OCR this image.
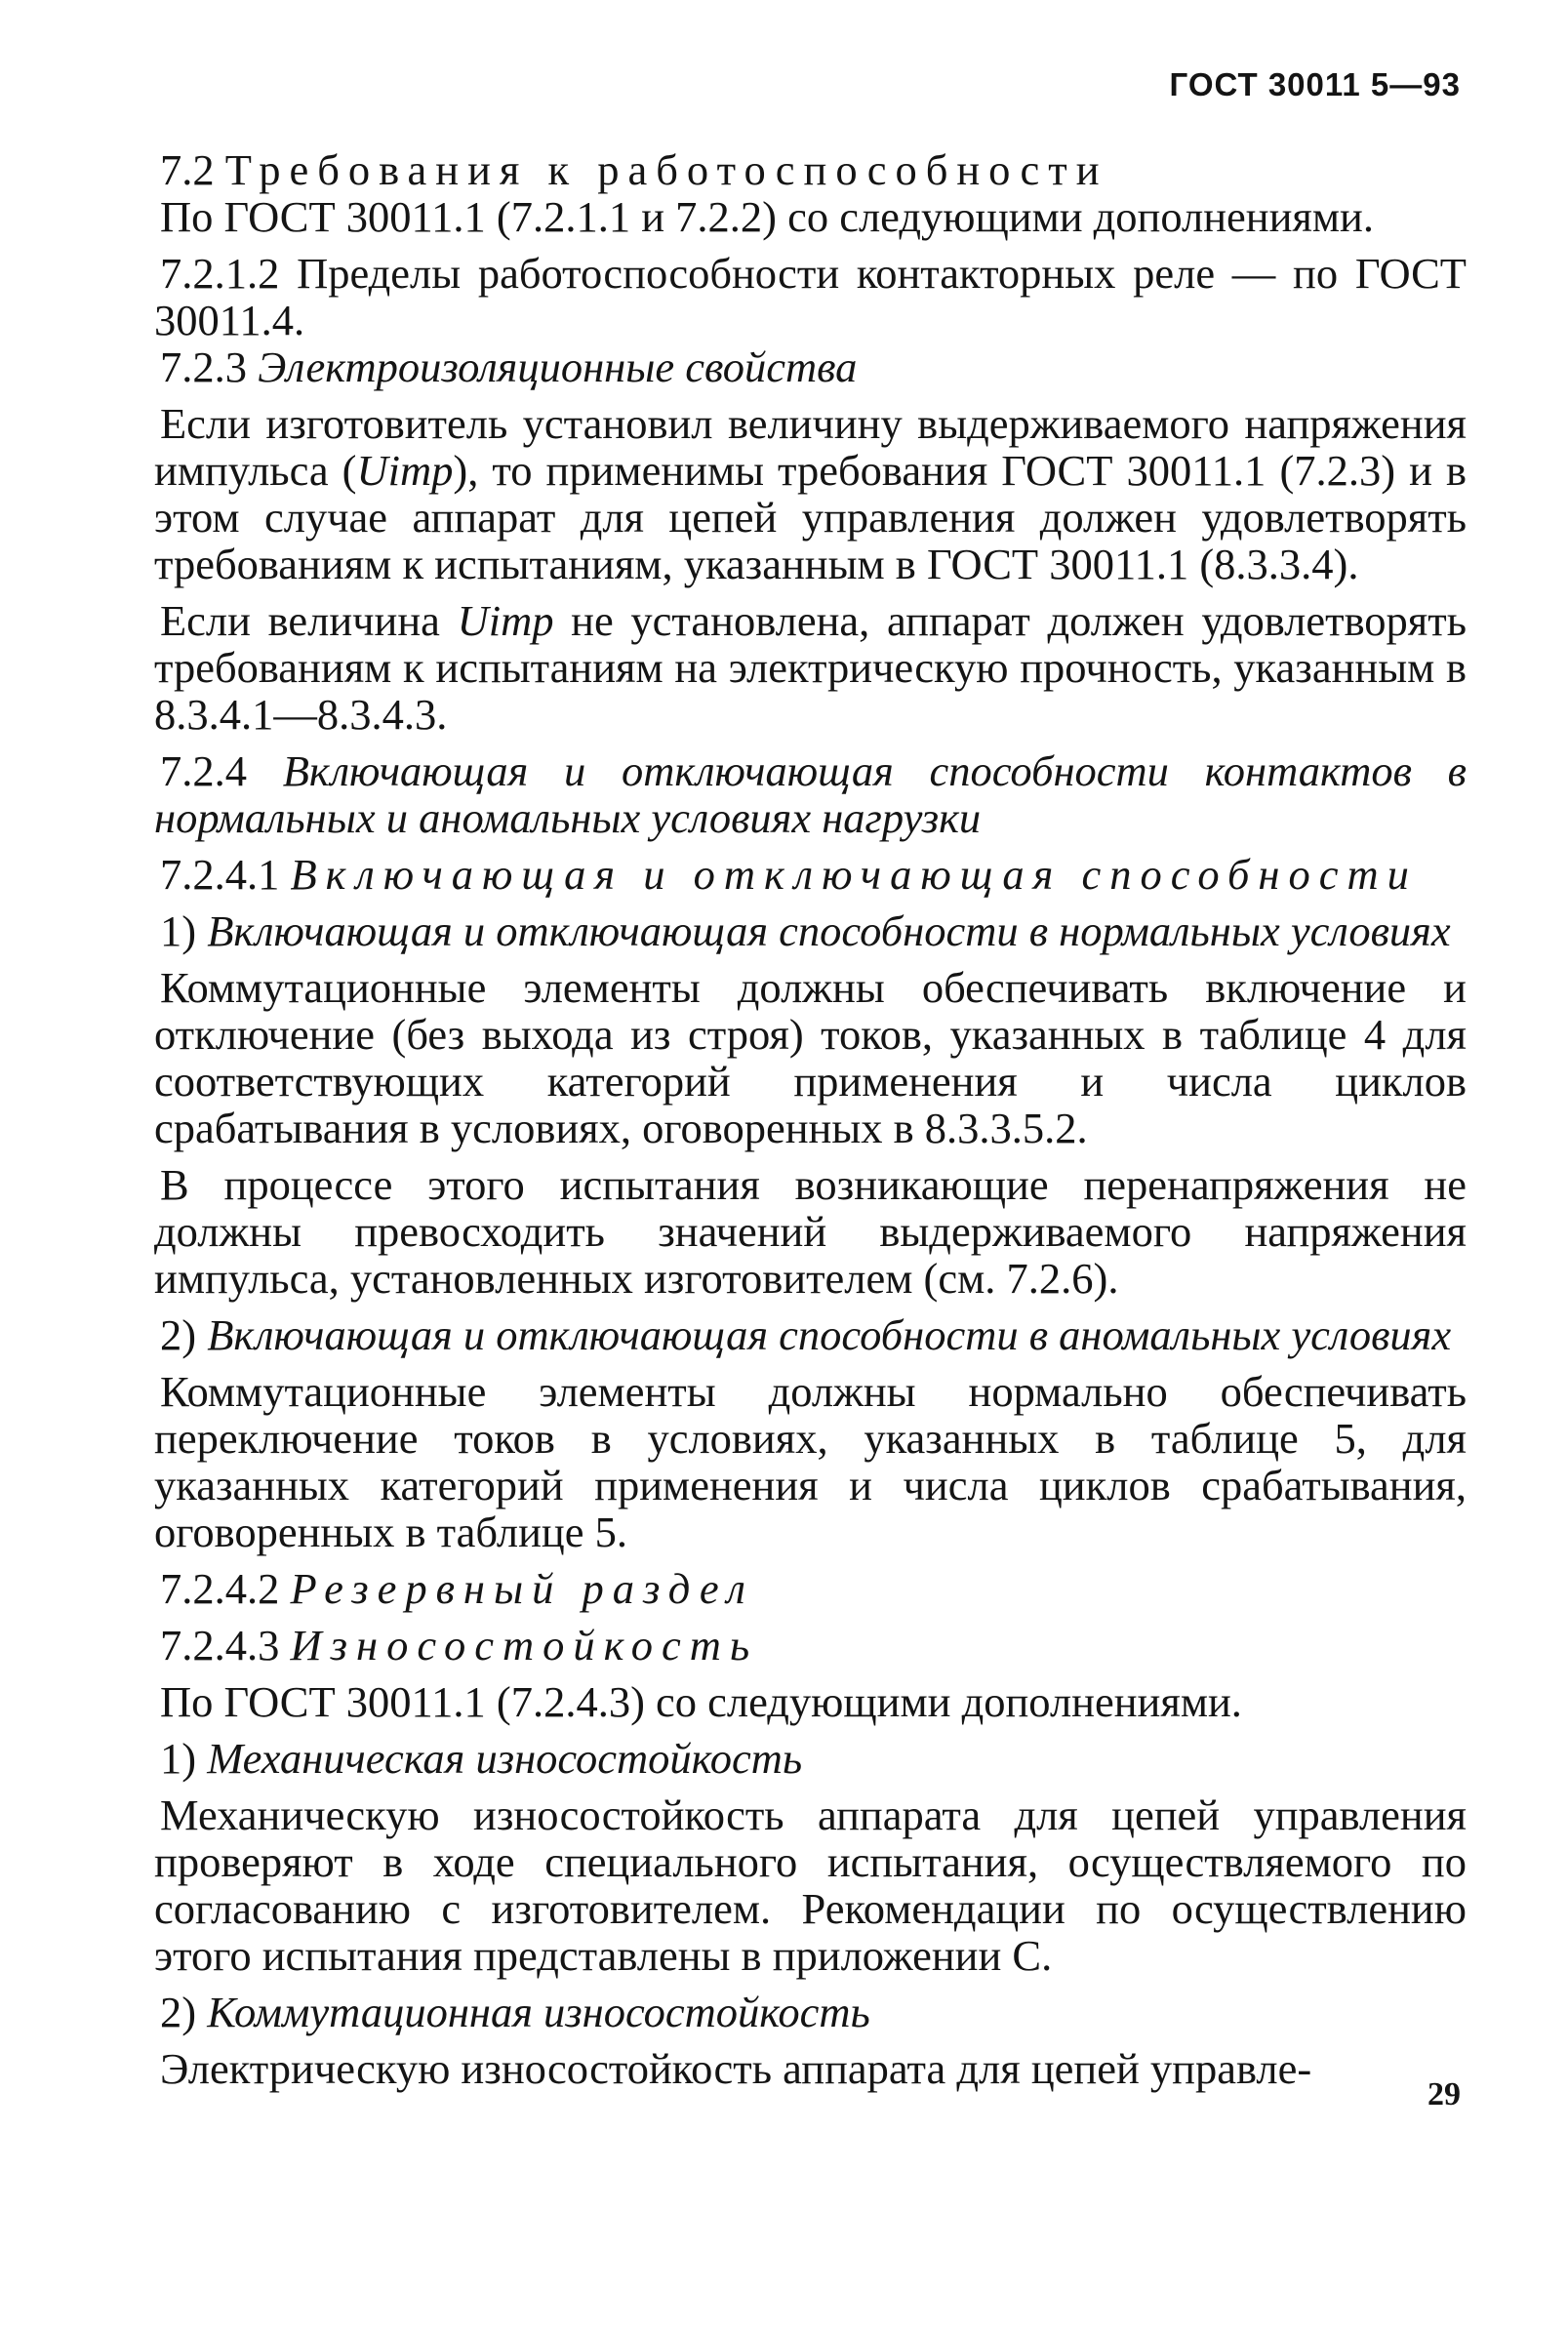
ГОСТ 30011 5—93

7.2 Требования к работоспособности

По ГОСТ 30011.1 (7.2.1.1 и 7.2.2) со следующими дополнениями.

7.2.1.2 Пределы работоспособности контакторных реле — по ГОСТ 30011.4.

7.2.3 Электроизоляционные свойства

Если изготовитель установил величину выдерживаемого напряжения импульса (Uimp), то применимы требования ГОСТ 30011.1 (7.2.3) и в этом случае аппарат для цепей управления должен удовлетворять требованиям к испытаниям, указанным в ГОСТ 30011.1 (8.3.3.4).

Если величина Uimp не установлена, аппарат должен удовлетворять требованиям к испытаниям на электрическую прочность, указанным в 8.3.4.1—8.3.4.3.

7.2.4 Включающая и отключающая способности контактов в нормальных и аномальных условиях нагрузки

7.2.4.1 Включающая и отключающая способности

1) Включающая и отключающая способности в нормальных условиях

Коммутационные элементы должны обеспечивать включение и отключение (без выхода из строя) токов, указанных в таблице 4 для соответствующих категорий применения и числа циклов срабатывания в условиях, оговоренных в 8.3.3.5.2.

В процессе этого испытания возникающие перенапряжения не должны превосходить значений выдерживаемого напряжения импульса, установленных изготовителем (см. 7.2.6).

2) Включающая и отключающая способности в аномальных условиях

Коммутационные элементы должны нормально обеспечивать переключение токов в условиях, указанных в таблице 5, для указанных категорий применения и числа циклов срабатывания, оговоренных в таблице 5.

7.2.4.2 Резервный раздел

7.2.4.3 Износостойкость

По ГОСТ 30011.1 (7.2.4.3) со следующими дополнениями.

1) Механическая износостойкость

Механическую износостойкость аппарата для цепей управления проверяют в ходе специального испытания, осуществляемого по согласованию с изготовителем. Рекомендации по осуществлению этого испытания представлены в приложении С.

2) Коммутационная износостойкость

Электрическую износостойкость аппарата для цепей управле-

29
